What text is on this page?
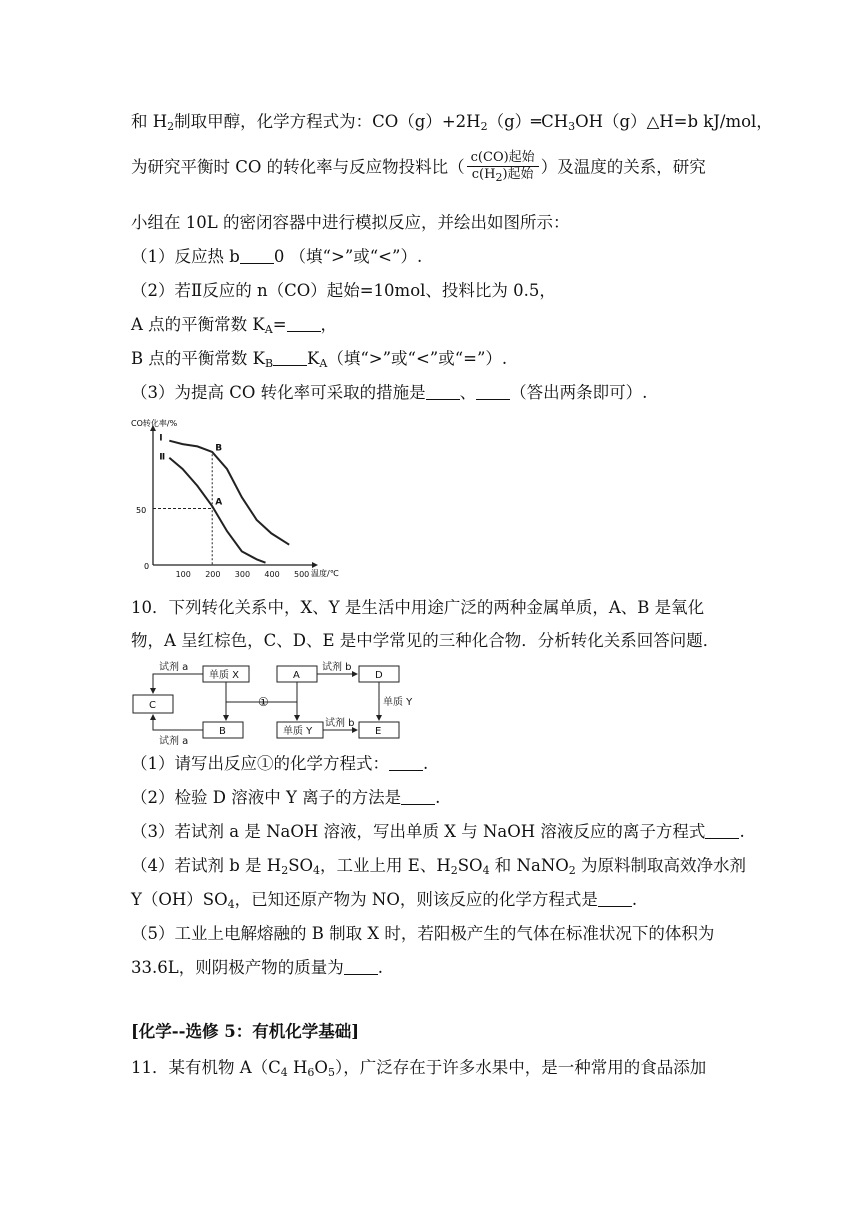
和 $H_2$制取甲醇，化学方程式为：$CO(g)+2H_2(g)═CH_3OH(g)\triangle H=b$ kJ/mol，
为研究平衡时 CO 的转化率与反应物投料比（ $\frac{\text{c(CO)起始}}{c(H_2)起始}$ ）及温度的关系，研究
小组在 10L 的密闭容器中进行模拟反应，并绘出如图所示：
（1）反应热 b 0 （填“>”或“<”）.
（2）若Ⅱ反应的 n（CO）起始=10mol、投料比为 0.5，
A 点的平衡常数 $K_A=$ ，
B 点的平衡常数 $K_B$ $K_A$（填“>”或“<”或“=”）.
（3）为提高 CO 转化率可采取的措施是 、 （答出两条即可）.
CO转化率/%
温度/℃
0
50
100 200 300 400 500
Ⅰ
Ⅱ
A
B
10．下列转化关系中，X、Y 是生活中用途广泛的两种金属单质，A、B 是氧化
物，A 呈红棕色，C、D、E 是中学常见的三种化合物．分析转化关系回答问题．
单质 X	A	D
C
B	单质 Y	E
试剂 a
试剂 a
试剂 b
试剂 b
①	单质 Y
（1）请写出反应①的化学方程式： .
（2）检验 D 溶液中 Y 离子的方法是 .
（3）若试剂 a 是 NaOH 溶液，写出单质 X 与 NaOH 溶液反应的离子方程式 .
（4）若试剂 b 是 $H_2SO_4$，工业上用 E、$H_2SO_4$ 和 NaNO$_2$ 为原料制取高效净水剂
$Y(OH)SO_4$，已知还原产物为 NO，则该反应的化学方程式是 .
（5）工业上电解熔融的 B 制取 X 时，若阳极产生的气体在标准状况下的体积为
33.6L，则阴极产物的质量为 .
[化学--选修 5：有机化学基础]
11．某有机物 $A(C_4$ $H_6O_5$），广泛存在于许多水果中，是一种常用的食品添加
